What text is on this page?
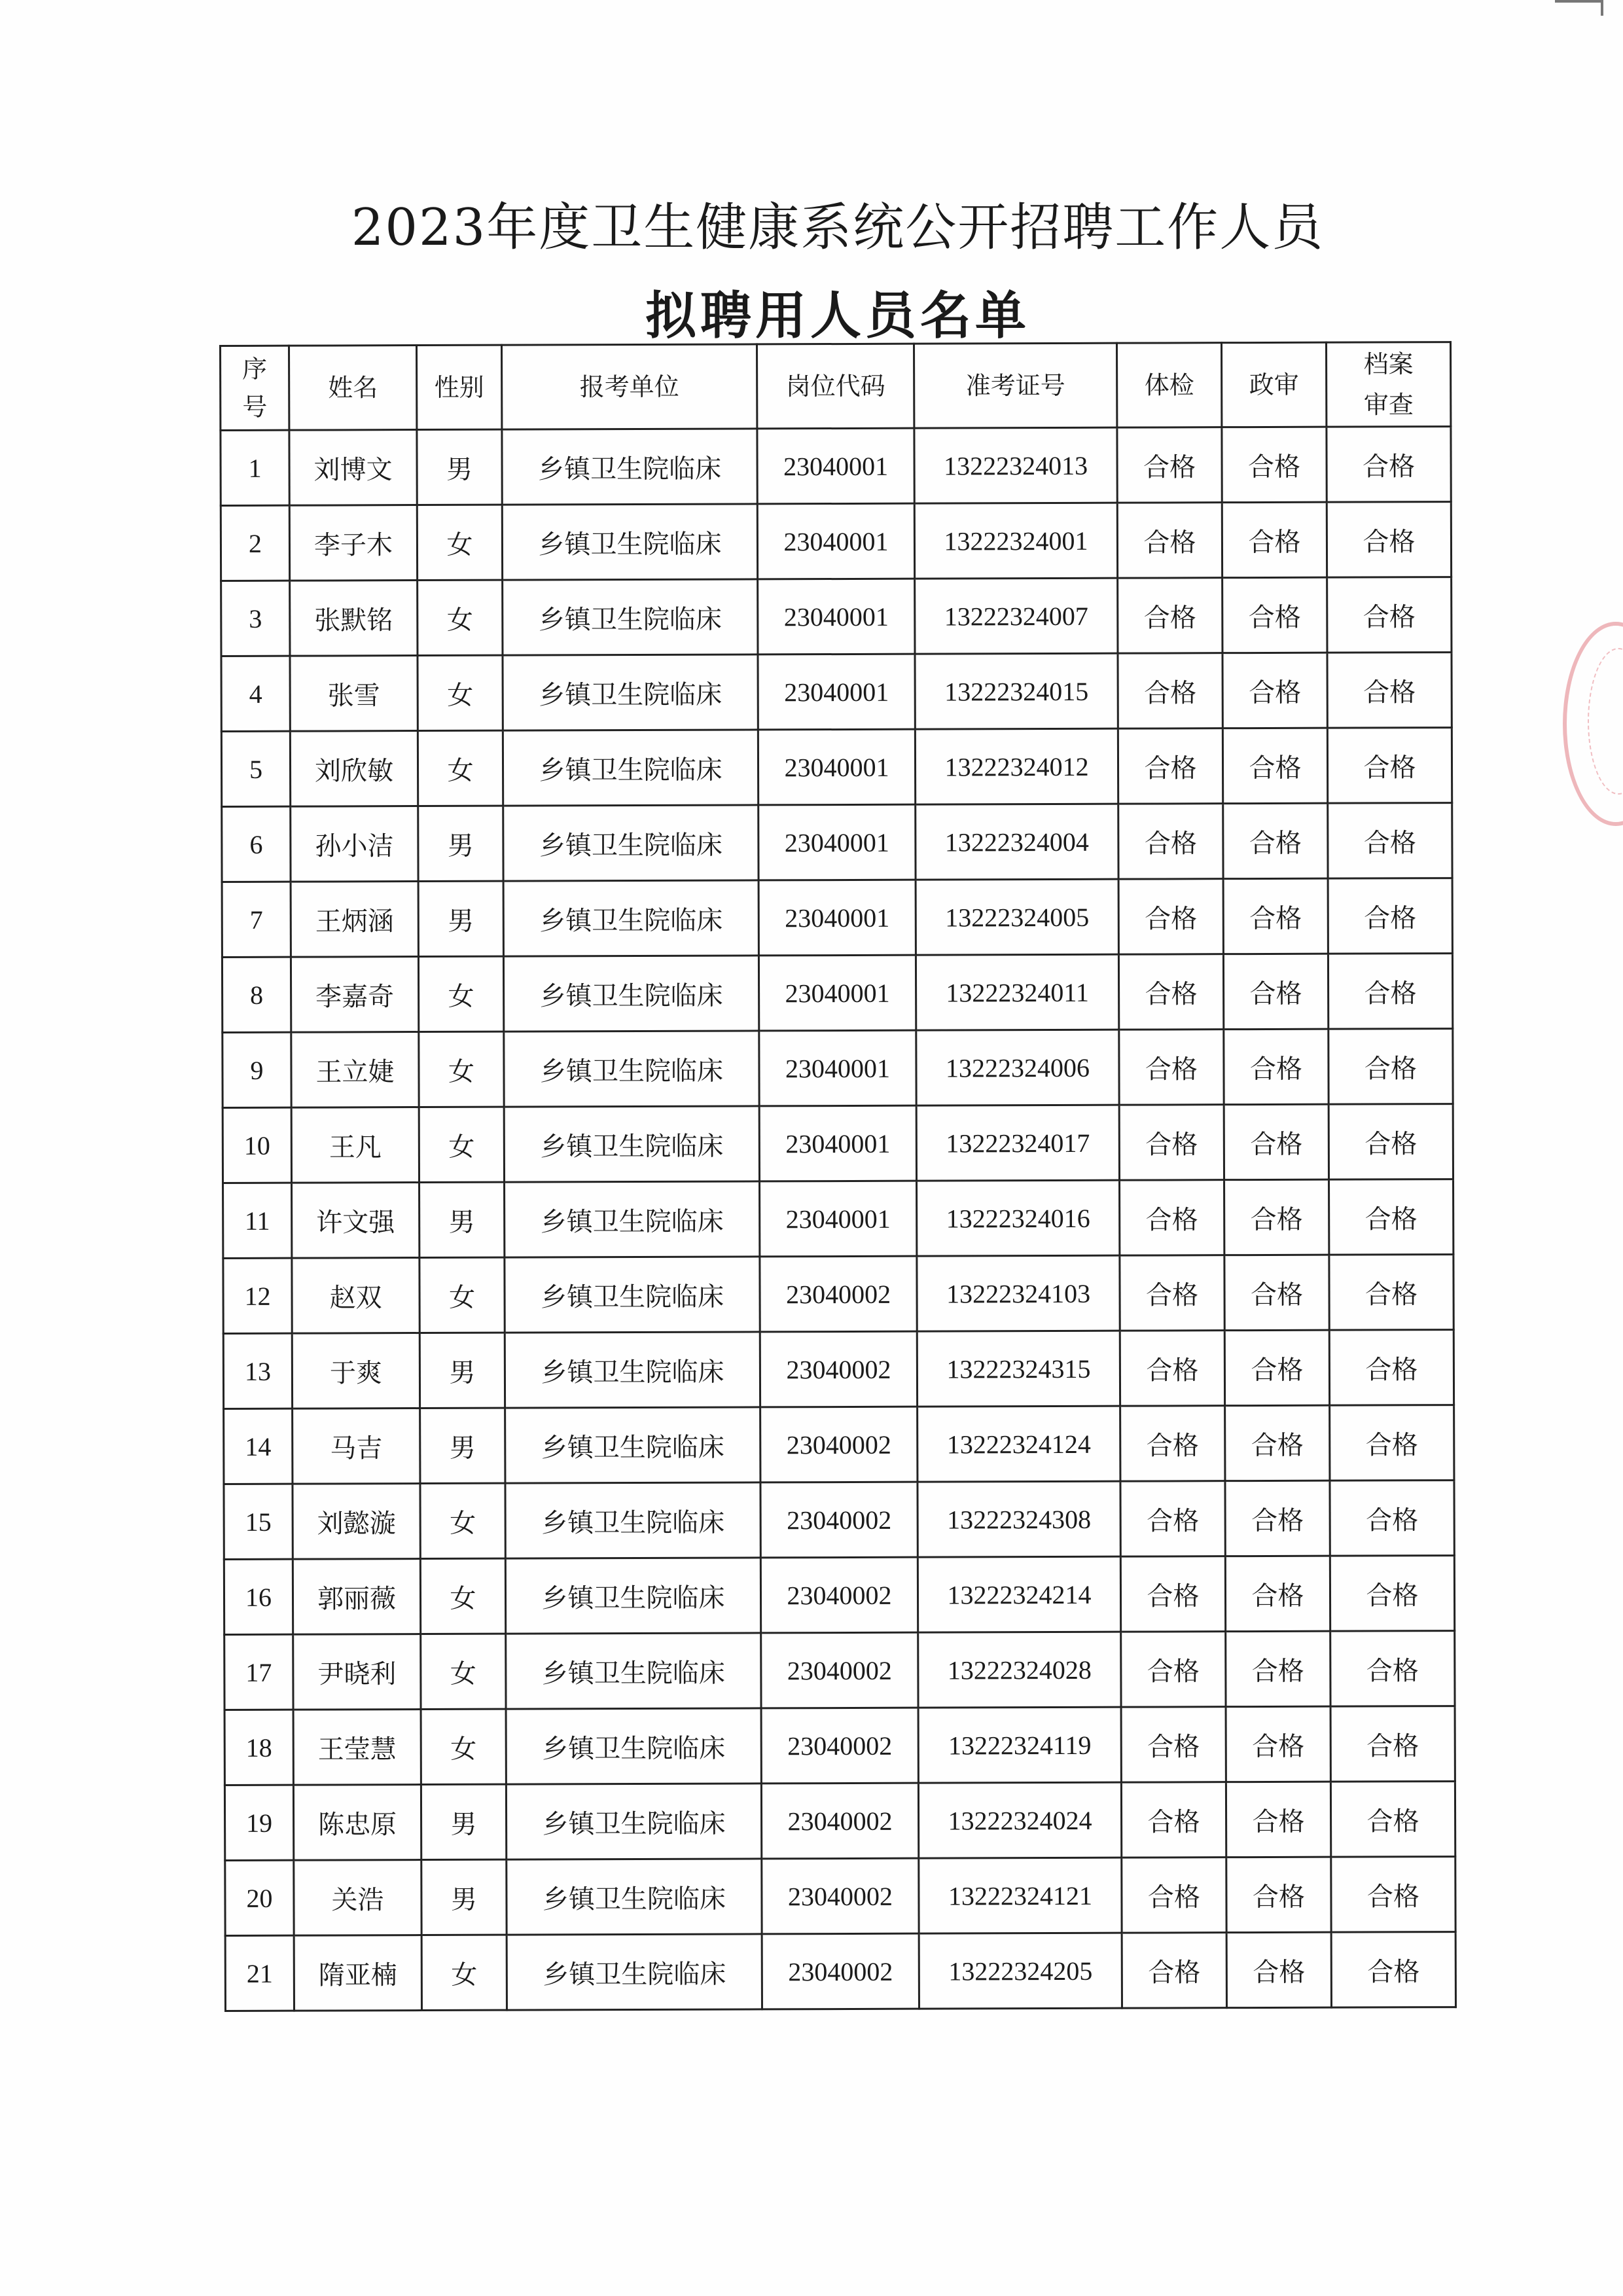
2023年度卫生健康系统公开招聘工作人员
拟聘用人员名单
序号	姓名	性别	报考单位	岗位代码	准考证号	体检	政审	档案审查
1	刘博文	男	乡镇卫生院临床	23040001	13222324013	合格	合格	合格
2	李子木	女	乡镇卫生院临床	23040001	13222324001	合格	合格	合格
3	张默铭	女	乡镇卫生院临床	23040001	13222324007	合格	合格	合格
4	张雪	女	乡镇卫生院临床	23040001	13222324015	合格	合格	合格
5	刘欣敏	女	乡镇卫生院临床	23040001	13222324012	合格	合格	合格
6	孙小洁	男	乡镇卫生院临床	23040001	13222324004	合格	合格	合格
7	王炳涵	男	乡镇卫生院临床	23040001	13222324005	合格	合格	合格
8	李嘉奇	女	乡镇卫生院临床	23040001	13222324011	合格	合格	合格
9	王立婕	女	乡镇卫生院临床	23040001	13222324006	合格	合格	合格
10	王凡	女	乡镇卫生院临床	23040001	13222324017	合格	合格	合格
11	许文强	男	乡镇卫生院临床	23040001	13222324016	合格	合格	合格
12	赵双	女	乡镇卫生院临床	23040002	13222324103	合格	合格	合格
13	于爽	男	乡镇卫生院临床	23040002	13222324315	合格	合格	合格
14	马吉	男	乡镇卫生院临床	23040002	13222324124	合格	合格	合格
15	刘懿漩	女	乡镇卫生院临床	23040002	13222324308	合格	合格	合格
16	郭丽薇	女	乡镇卫生院临床	23040002	13222324214	合格	合格	合格
17	尹晓利	女	乡镇卫生院临床	23040002	13222324028	合格	合格	合格
18	王莹慧	女	乡镇卫生院临床	23040002	13222324119	合格	合格	合格
19	陈忠原	男	乡镇卫生院临床	23040002	13222324024	合格	合格	合格
20	关浩	男	乡镇卫生院临床	23040002	13222324121	合格	合格	合格
21	隋亚楠	女	乡镇卫生院临床	23040002	13222324205	合格	合格	合格
